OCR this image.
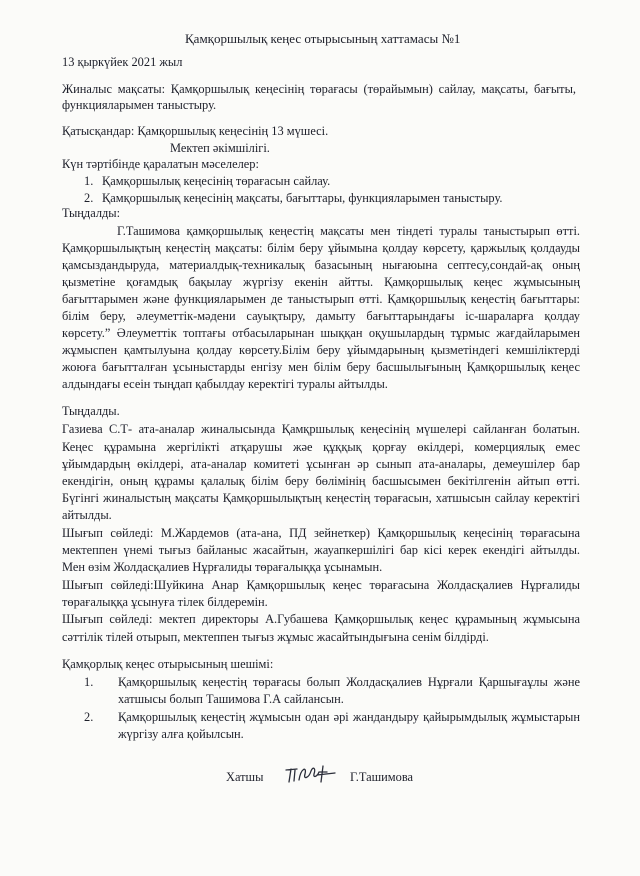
Қамқоршылық кеңес отырысының хаттамасы №1
13 қыркүйек 2021 жыл
Жиналыс мақсаты: Қамқоршылық кеңесінің төрағасы (төрайымын) сайлау, мақсаты, бағыты,
функцияларымен таныстыру.
Қатысқандар: Қамқоршылық кеңесінің 13 мүшесі.
Мектеп әкімшілігі.
Күн тәртібінде қаралатын мәселелер:
1. Қамқоршылық кеңесінің төрағасын сайлау.
2. Қамқоршылық кеңесінің мақсаты, бағыттары, функцияларымен таныстыру.
Тыңдалды:
Г.Ташимова қамқоршылық кеңестің мақсаты мен тіндеті туралы таныстырып өтті.
Қамқоршылықтың кеңестің мақсаты: білім беру ұйымына қолдау көрсету, қаржылық қолдауды
қамсыздандыруда, материалдық-техникалық базасының нығаюына септесу,сондай-ақ оның
қызметіне қоғамдық бақылау жүргізу екенін айтты. Қамқоршылық кеңес жұмысының
бағыттарымен және функцияларымен де таныстырып өтті. Қамқоршылық кеңестің бағыттары:
білім беру, әлеуметтік-мәдени сауықтыру, дамыту бағыттарындағы іс-шараларға қолдау
көрсету.” Әлеуметтік топтағы отбасыларынан шыққан оқушылардың тұрмыс жағдайларымен
жұмыспен қамтылуына қолдау көрсету.Білім беру ұйымдарының қызметіндегі кемшіліктерді
жоюға бағытталған ұсыныстарды енгізу мен білім беру басшылығының Қамқоршылық кеңес
алдындағы есеін тыңдап қабылдау керектігі туралы айтылды.
Тыңдалды.
Газиева С.Т- ата-аналар жиналысында Қамқршылық кеңесінің мүшелері сайланған болатын.
Кеңес құрамына жергілікті атқарушы жәе құққық қорғау өкілдері, комерциялық емес
ұйымдардың өкілдері, ата-аналар комитеті ұсынған әр сынып ата-аналары, демеушілер бар
екендігін, оның құрамы қалалық білім беру бөлімінің басшысымен бекітілгенін айтып өтті.
Бүгінгі жиналыстың мақсаты Қамқоршылықтың кеңестің төрағасын, хатшысын сайлау керектігі
айтылды.
Шығып сөйледі: М.Жардемов (ата-ана, ПД зейнеткер) Қамқоршылық кеңесінің төрағасына
мектеппен үнемі тығыз байланыс жасайтын, жауапкершілігі бар кісі керек екендігі айтылды.
Мен өзім Жолдасқалиев Нұрғалиды төрағалыққа ұсынамын.
Шығып сөйледі:Шуйкина Анар Қамқоршылық кеңес төрағасына Жолдасқалиев Нұрғалиды
төрағалыққа ұсынуға тілек білдеремін.
Шығып сөйледі: мектеп директоры А.Губашева Қамқоршылық кеңес құрамының жұмысына
сәттілік тілей отырып, мектеппен тығыз жұмыс жасайтындығына сенім білдірді.
Қамқорлық кеңес отырысының шешімі:
1. Қамқоршылық кеңестің төрағасы болып Жолдасқалиев Нұрғали Қаршығаұлы және
хатшысы болып Ташимова Г.А сайлансын.
2. Қамқоршылық кеңестің жұмысын одан әрі жандандыру қайырымдылық жұмыстарын
жүргізу алға қойылсын.
Хатшы	Г.Ташимова
